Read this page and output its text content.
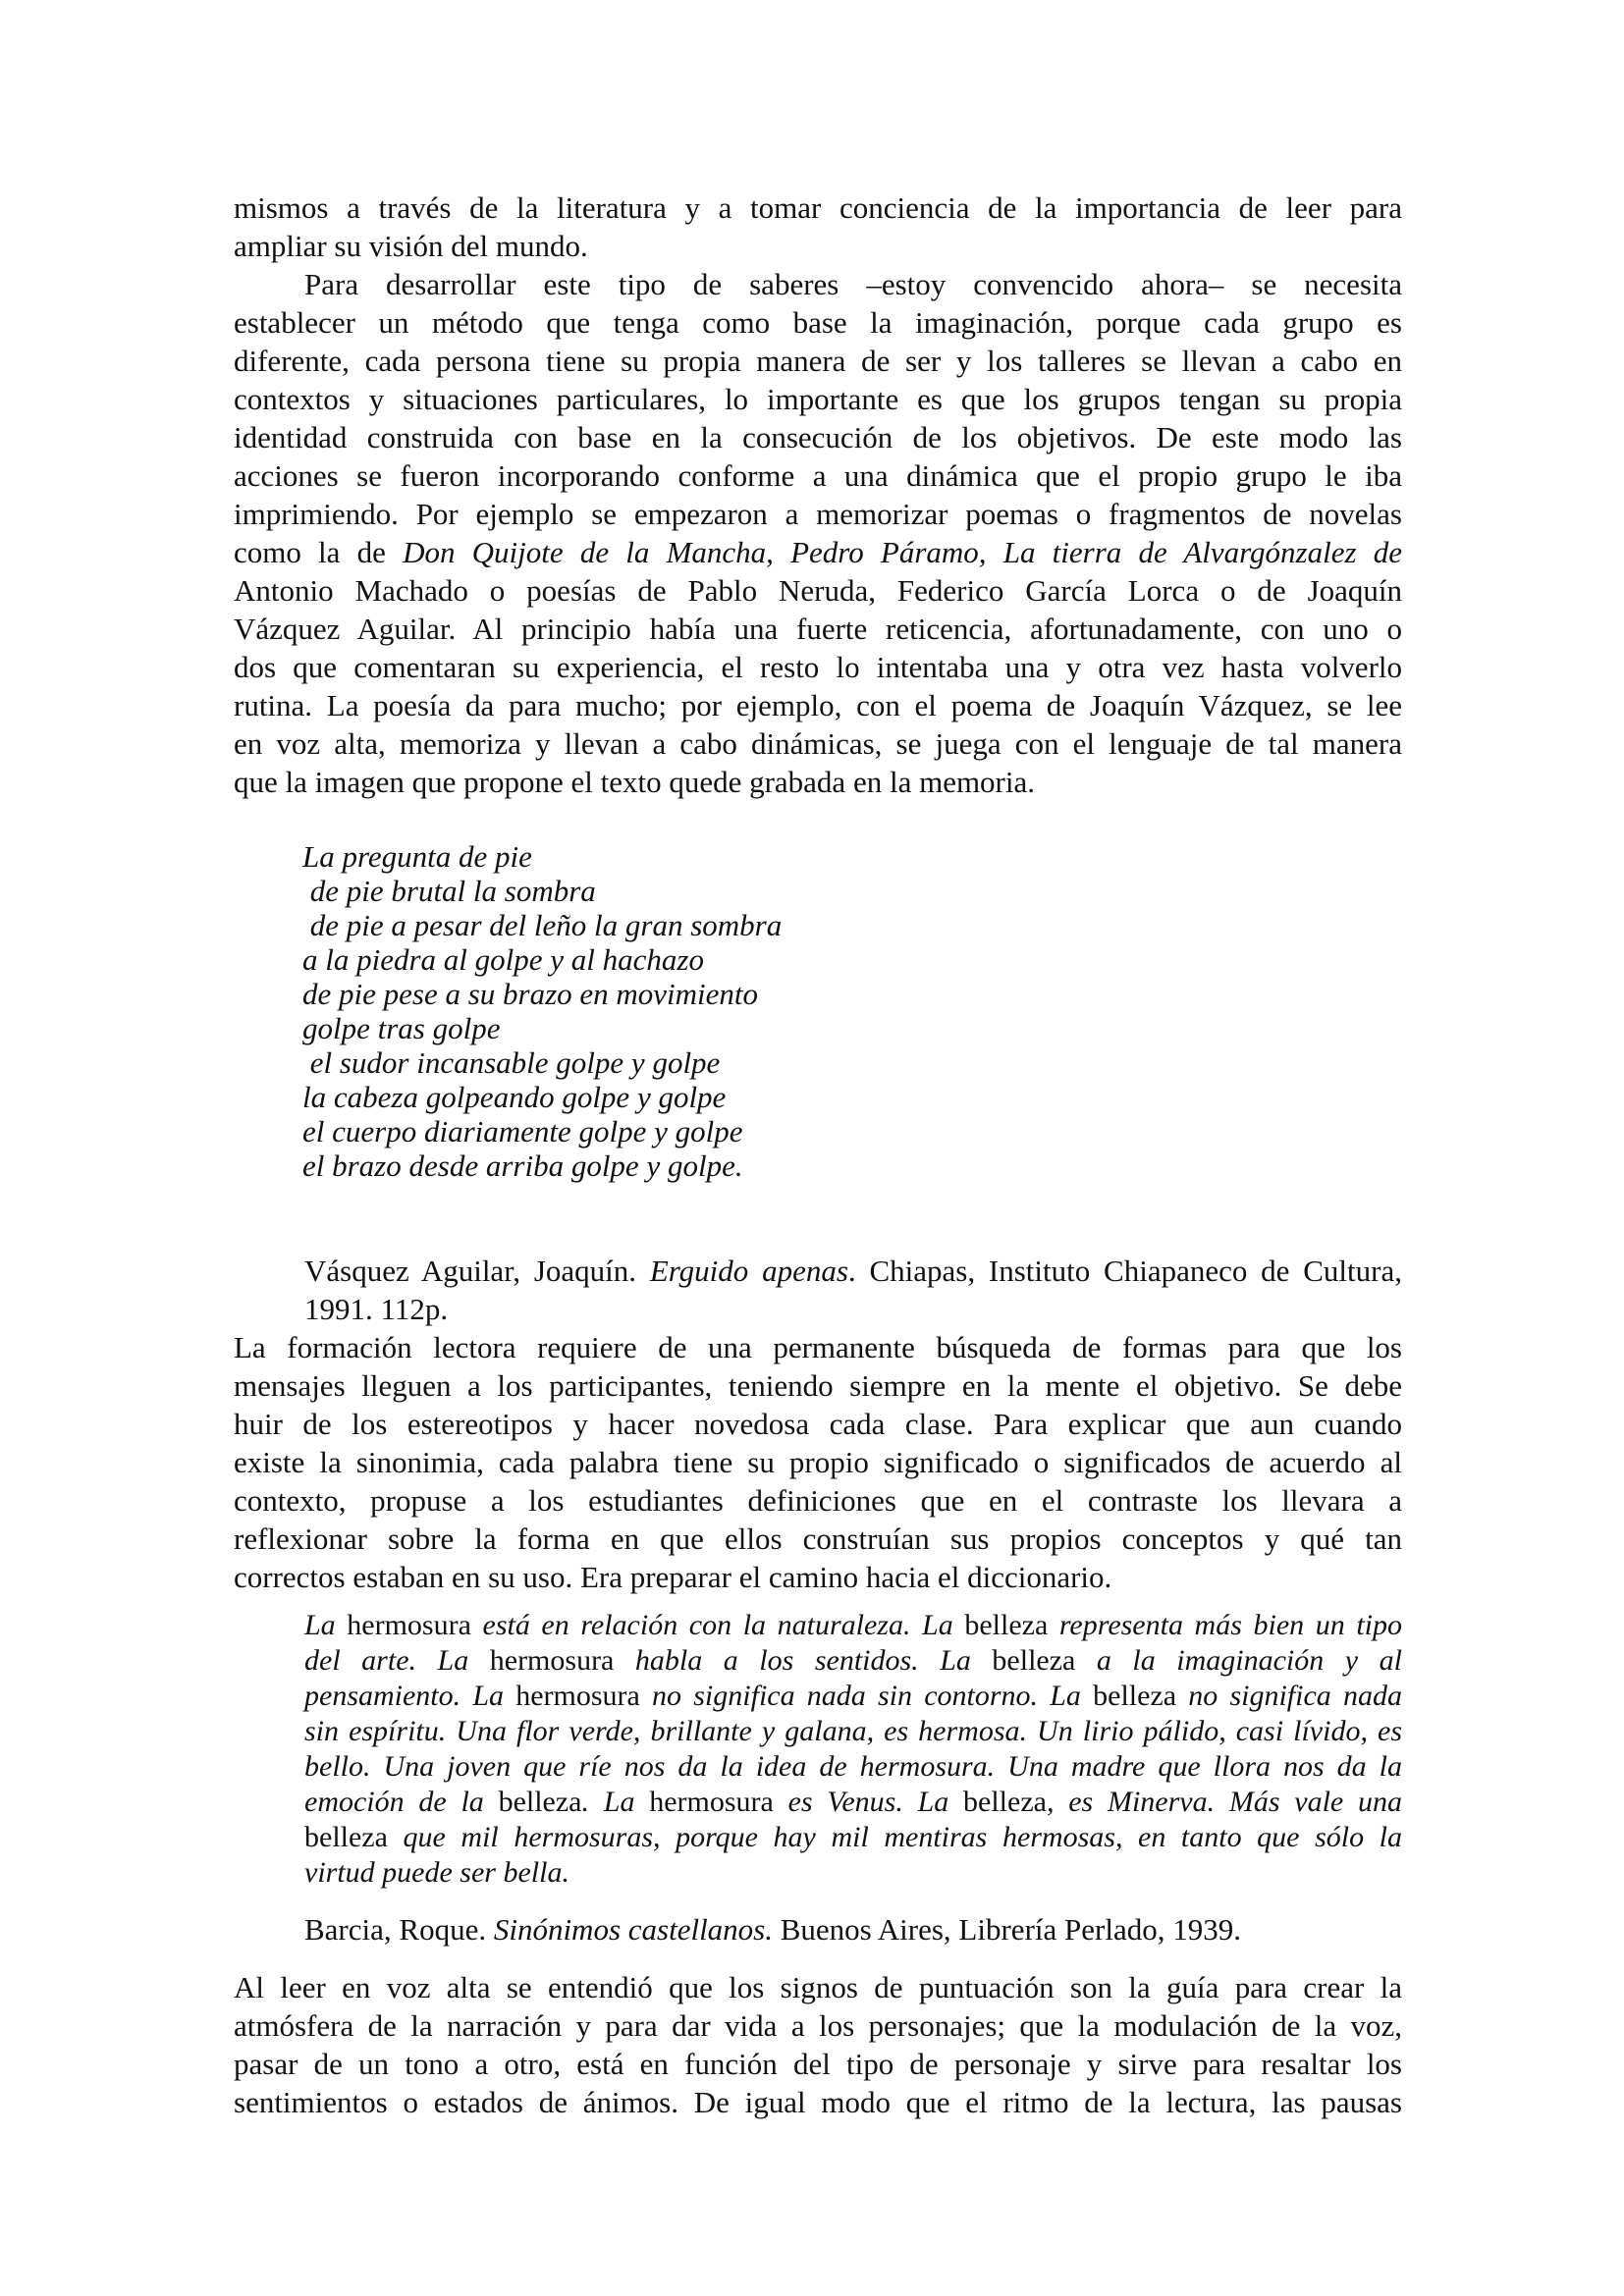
mismos a través de la literatura y a tomar conciencia de la importancia de leer para
ampliar su visión del mundo.
Para desarrollar este tipo de saberes –estoy convencido ahora– se necesita
establecer un método que tenga como base la imaginación, porque cada grupo es
diferente, cada persona tiene su propia manera de ser y los talleres se llevan a cabo en
contextos y situaciones particulares, lo importante es que los grupos tengan su propia
identidad construida con base en la consecución de los objetivos. De este modo las
acciones se fueron incorporando conforme a una dinámica que el propio grupo le iba
imprimiendo. Por ejemplo se empezaron a memorizar poemas o fragmentos de novelas
como la de Don Quijote de la Mancha, Pedro Páramo, La tierra de Alvargónzalez de
Antonio Machado o poesías de Pablo Neruda, Federico García Lorca o de Joaquín
Vázquez Aguilar. Al principio había una fuerte reticencia, afortunadamente, con uno o
dos que comentaran su experiencia, el resto lo intentaba una y otra vez hasta volverlo
rutina. La poesía da para mucho; por ejemplo, con el poema de Joaquín Vázquez, se lee
en voz alta, memoriza y llevan a cabo dinámicas, se juega con el lenguaje de tal manera
que la imagen que propone el texto quede grabada en la memoria.
La pregunta de pie
de pie brutal la sombra
de pie a pesar del leño la gran sombra
a la piedra al golpe y al hachazo
de pie pese a su brazo en movimiento
golpe tras golpe
el sudor incansable golpe y golpe
la cabeza golpeando golpe y golpe
el cuerpo diariamente golpe y golpe
el brazo desde arriba golpe y golpe.
Vásquez Aguilar, Joaquín. Erguido apenas. Chiapas, Instituto Chiapaneco de Cultura,
1991. 112p.
La formación lectora requiere de una permanente búsqueda de formas para que los
mensajes lleguen a los participantes, teniendo siempre en la mente el objetivo. Se debe
huir de los estereotipos y hacer novedosa cada clase. Para explicar que aun cuando
existe la sinonimia, cada palabra tiene su propio significado o significados de acuerdo al
contexto, propuse a los estudiantes definiciones que en el contraste los llevara a
reflexionar sobre la forma en que ellos construían sus propios conceptos y qué tan
correctos estaban en su uso. Era preparar el camino hacia el diccionario.
La hermosura está en relación con la naturaleza. La belleza representa más bien un tipo
del arte. La hermosura habla a los sentidos. La belleza a la imaginación y al
pensamiento. La hermosura no significa nada sin contorno. La belleza no significa nada
sin espíritu. Una flor verde, brillante y galana, es hermosa. Un lirio pálido, casi lívido, es
bello. Una joven que ríe nos da la idea de hermosura. Una madre que llora nos da la
emoción de la belleza. La hermosura es Venus. La belleza, es Minerva. Más vale una
belleza que mil hermosuras, porque hay mil mentiras hermosas, en tanto que sólo la
virtud puede ser bella.
Barcia, Roque. Sinónimos castellanos. Buenos Aires, Librería Perlado, 1939.
Al leer en voz alta se entendió que los signos de puntuación son la guía para crear la
atmósfera de la narración y para dar vida a los personajes; que la modulación de la voz,
pasar de un tono a otro, está en función del tipo de personaje y sirve para resaltar los
sentimientos o estados de ánimos. De igual modo que el ritmo de la lectura, las pausas
